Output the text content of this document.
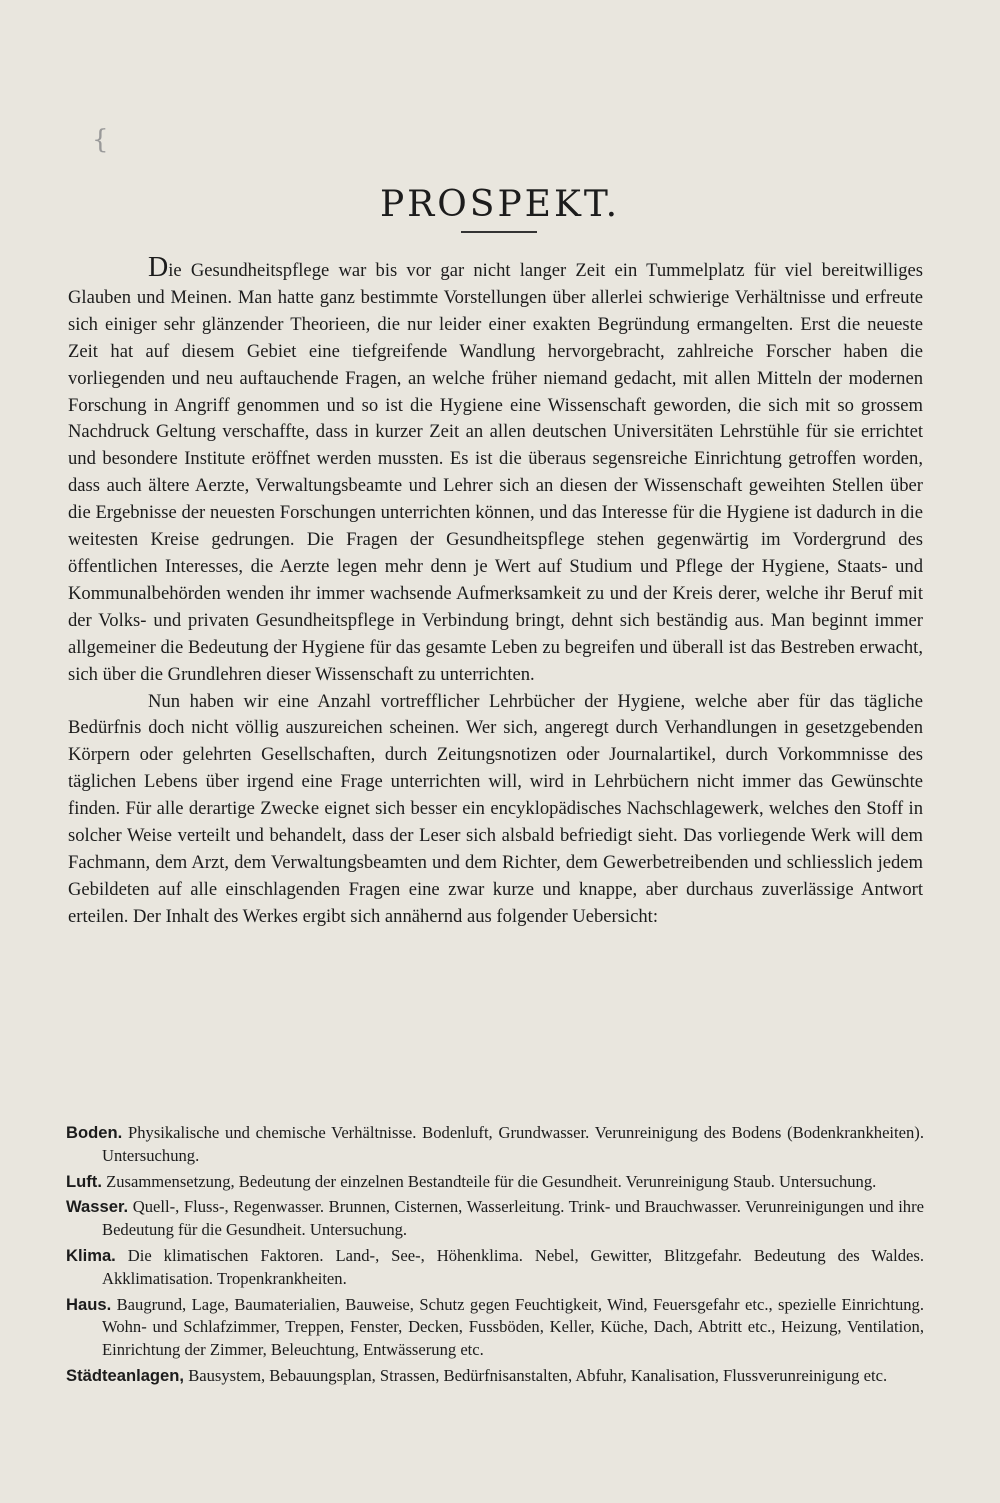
{
PROSPEKT.

Die Gesundheitspflege war bis vor gar nicht langer Zeit ein Tummelplatz für viel bereitwilliges Glauben und Meinen. Man hatte ganz bestimmte Vorstellungen über allerlei schwierige Verhältnisse und erfreute sich einiger sehr glänzender Theorieen, die nur leider einer exakten Begründung ermangelten. Erst die neueste Zeit hat auf diesem Gebiet eine tiefgreifende Wandlung hervorgebracht, zahlreiche Forscher haben die vorliegenden und neu auftauchende Fragen, an welche früher niemand gedacht, mit allen Mitteln der modernen Forschung in Angriff genommen und so ist die Hygiene eine Wissenschaft geworden, die sich mit so grossem Nachdruck Geltung verschaffte, dass in kurzer Zeit an allen deutschen Universitäten Lehrstühle für sie errichtet und besondere Institute eröffnet werden mussten. Es ist die überaus segensreiche Einrichtung getroffen worden, dass auch ältere Aerzte, Verwaltungsbeamte und Lehrer sich an diesen der Wissenschaft geweihten Stellen über die Ergebnisse der neuesten Forschungen unterrichten können, und das Interesse für die Hygiene ist dadurch in die weitesten Kreise gedrungen. Die Fragen der Gesundheitspflege stehen gegenwärtig im Vordergrund des öffentlichen Interesses, die Aerzte legen mehr denn je Wert auf Studium und Pflege der Hygiene, Staats- und Kommunalbehörden wenden ihr immer wachsende Aufmerksamkeit zu und der Kreis derer, welche ihr Beruf mit der Volks- und privaten Gesundheitspflege in Verbindung bringt, dehnt sich beständig aus. Man beginnt immer allgemeiner die Bedeutung der Hygiene für das gesamte Leben zu begreifen und überall ist das Bestreben erwacht, sich über die Grundlehren dieser Wissenschaft zu unterrichten.

Nun haben wir eine Anzahl vortrefflicher Lehrbücher der Hygiene, welche aber für das tägliche Bedürfnis doch nicht völlig auszureichen scheinen. Wer sich, angeregt durch Verhandlungen in gesetzgebenden Körpern oder gelehrten Gesellschaften, durch Zeitungsnotizen oder Journalartikel, durch Vorkommnisse des täglichen Lebens über irgend eine Frage unterrichten will, wird in Lehrbüchern nicht immer das Gewünschte finden. Für alle derartige Zwecke eignet sich besser ein encyklopädisches Nachschlagewerk, welches den Stoff in solcher Weise verteilt und behandelt, dass der Leser sich alsbald befriedigt sieht. Das vorliegende Werk will dem Fachmann, dem Arzt, dem Verwaltungsbeamten und dem Richter, dem Gewerbetreibenden und schliesslich jedem Gebildeten auf alle einschlagenden Fragen eine zwar kurze und knappe, aber durchaus zuverlässige Antwort erteilen. Der Inhalt des Werkes ergibt sich annähernd aus folgender Uebersicht:

Boden. Physikalische und chemische Verhältnisse. Bodenluft, Grundwasser. Verunreinigung des Bodens (Bodenkrankheiten). Untersuchung.
Luft. Zusammensetzung, Bedeutung der einzelnen Bestandteile für die Gesundheit. Verunreinigung Staub. Untersuchung.
Wasser. Quell-, Fluss-, Regenwasser. Brunnen, Cisternen, Wasserleitung. Trink- und Brauchwasser. Verunreinigungen und ihre Bedeutung für die Gesundheit. Untersuchung.
Klima. Die klimatischen Faktoren. Land-, See-, Höhenklima. Nebel, Gewitter, Blitzgefahr. Bedeutung des Waldes. Akklimatisation. Tropenkrankheiten.
Haus. Baugrund, Lage, Baumaterialien, Bauweise, Schutz gegen Feuchtigkeit, Wind, Feuersgefahr etc., spezielle Einrichtung. Wohn- und Schlafzimmer, Treppen, Fenster, Decken, Fussböden, Keller, Küche, Dach, Abtritt etc., Heizung, Ventilation, Einrichtung der Zimmer, Beleuchtung, Entwässerung etc.
Städteanlagen, Bausystem, Bebauungsplan, Strassen, Bedürfnisanstalten, Abfuhr, Kanalisation, Flussverunreinigung etc.
